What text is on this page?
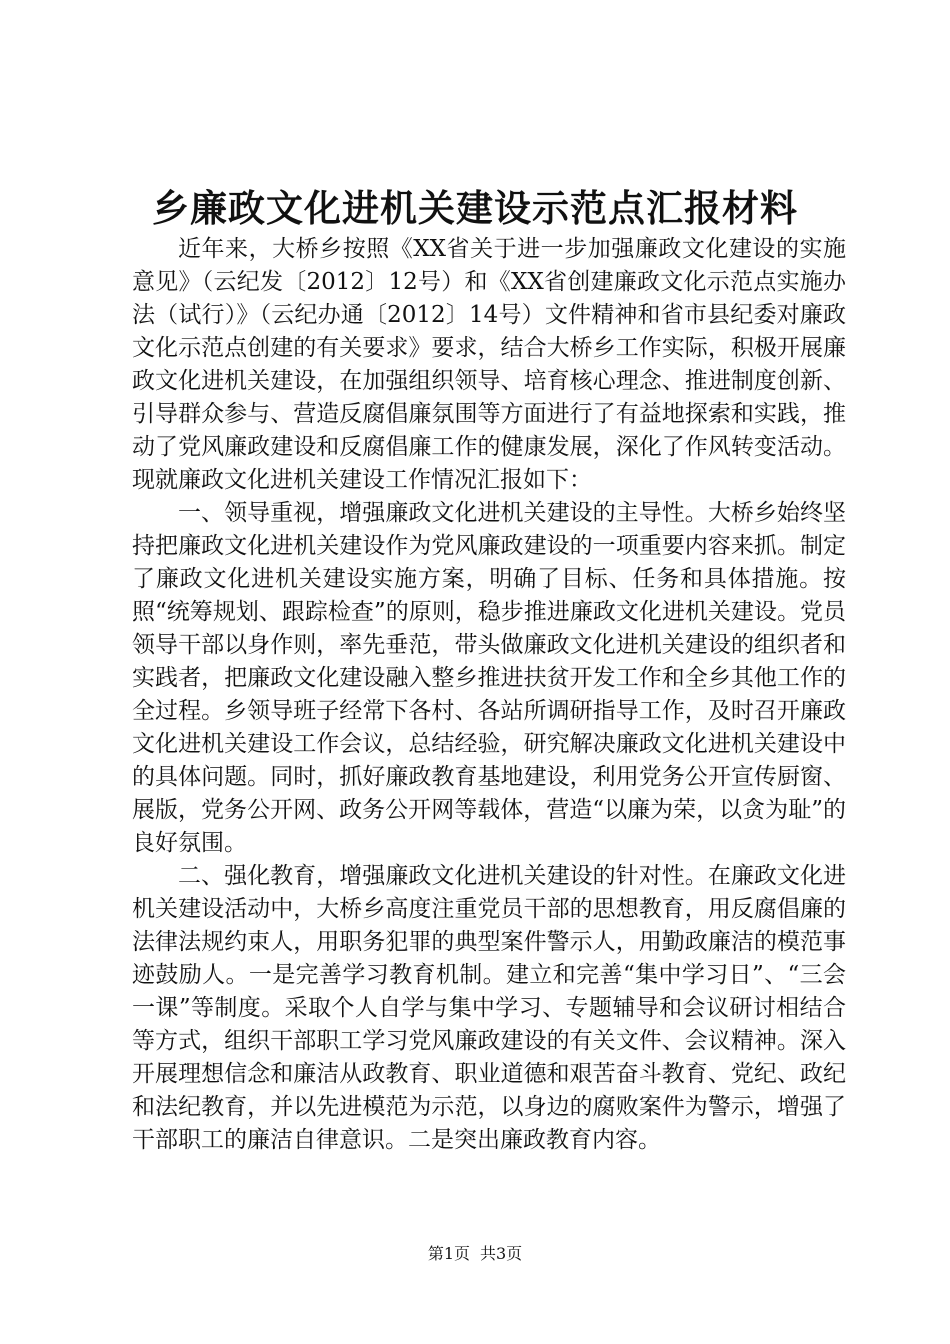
乡廉政文化进机关建设示范点汇报材料

近年来，大桥乡按照《XX省关于进一步加强廉政文化建设的实施意见》（云纪发〔2012〕12号）和《XX省创建廉政文化示范点实施办法（试行）》（云纪办通〔2012〕14号）文件精神和省市县纪委对廉政文化示范点创建的有关要求》要求，结合大桥乡工作实际，积极开展廉政文化进机关建设，在加强组织领导、培育核心理念、推进制度创新、引导群众参与、营造反腐倡廉氛围等方面进行了有益地探索和实践，推动了党风廉政建设和反腐倡廉工作的健康发展，深化了作风转变活动。现就廉政文化进机关建设工作情况汇报如下：

一、领导重视，增强廉政文化进机关建设的主导性。大桥乡始终坚持把廉政文化进机关建设作为党风廉政建设的一项重要内容来抓。制定了廉政文化进机关建设实施方案，明确了目标、任务和具体措施。按照“统筹规划、跟踪检查”的原则，稳步推进廉政文化进机关建设。党员领导干部以身作则，率先垂范，带头做廉政文化进机关建设的组织者和实践者，把廉政文化建设融入整乡推进扶贫开发工作和全乡其他工作的全过程。乡领导班子经常下各村、各站所调研指导工作，及时召开廉政文化进机关建设工作会议，总结经验，研究解决廉政文化进机关建设中的具体问题。同时，抓好廉政教育基地建设，利用党务公开宣传厨窗、展版，党务公开网、政务公开网等载体，营造“以廉为荣，以贪为耻”的良好氛围。

二、强化教育，增强廉政文化进机关建设的针对性。在廉政文化进机关建设活动中，大桥乡高度注重党员干部的思想教育，用反腐倡廉的法律法规约束人，用职务犯罪的典型案件警示人，用勤政廉洁的模范事迹鼓励人。一是完善学习教育机制。建立和完善“集中学习日”、“三会一课”等制度。采取个人自学与集中学习、专题辅导和会议研讨相结合等方式，组织干部职工学习党风廉政建设的有关文件、会议精神。深入开展理想信念和廉洁从政教育、职业道德和艰苦奋斗教育、党纪、政纪和法纪教育，并以先进模范为示范，以身边的腐败案件为警示，增强了干部职工的廉洁自律意识。二是突出廉政教育内容。

第1页 共3页
